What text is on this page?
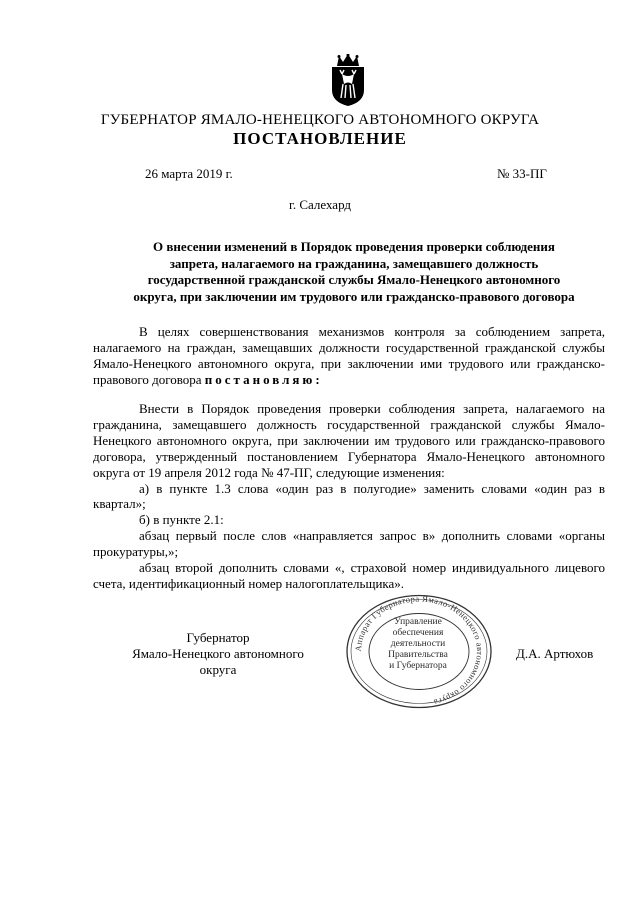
ГУБЕРНАТОР ЯМАЛО-НЕНЕЦКОГО АВТОНОМНОГО ОКРУГА
ПОСТАНОВЛЕНИЕ
26 марта 2019 г.	№ 33-ПГ
г. Салехард
О внесении изменений в Порядок проведения проверки соблюдения
запрета, налагаемого на гражданина, замещавшего должность
государственной гражданской службы Ямало-Ненецкого автономного
округа, при заключении им трудового или гражданско-правового договора

В целях совершенствования механизмов контроля за соблюдением запрета, налагаемого на граждан, замещавших должности государственной гражданской службы Ямало-Ненецкого автономного округа, при заключении ими трудового или гражданско-правового договора постановляю:

Внести в Порядок проведения проверки соблюдения запрета, налагаемого на гражданина, замещавшего должность государственной гражданской службы Ямало-Ненецкого автономного округа, при заключении им трудового или гражданско-правового договора, утвержденный постановлением Губернатора Ямало-Ненецкого автономного округа от 19 апреля 2012 года № 47-ПГ, следующие изменения:

а) в пункте 1.3 слова «один раз в полугодие» заменить словами «один раз в квартал»;

б) в пункте 2.1:

абзац первый после слов «направляется запрос в» дополнить словами «органы прокуратуры,»;

абзац второй дополнить словами «, страховой номер индивидуального лицевого счета, идентификационный номер налогоплательщика».

Губернатор
Ямало-Ненецкого автономного округа
Д.А. Артюхов
Аппарат Губернатора Ямало-Ненецкого автономного округа
Управление
обеспечения
деятельности
Правительства
и Губернатора
